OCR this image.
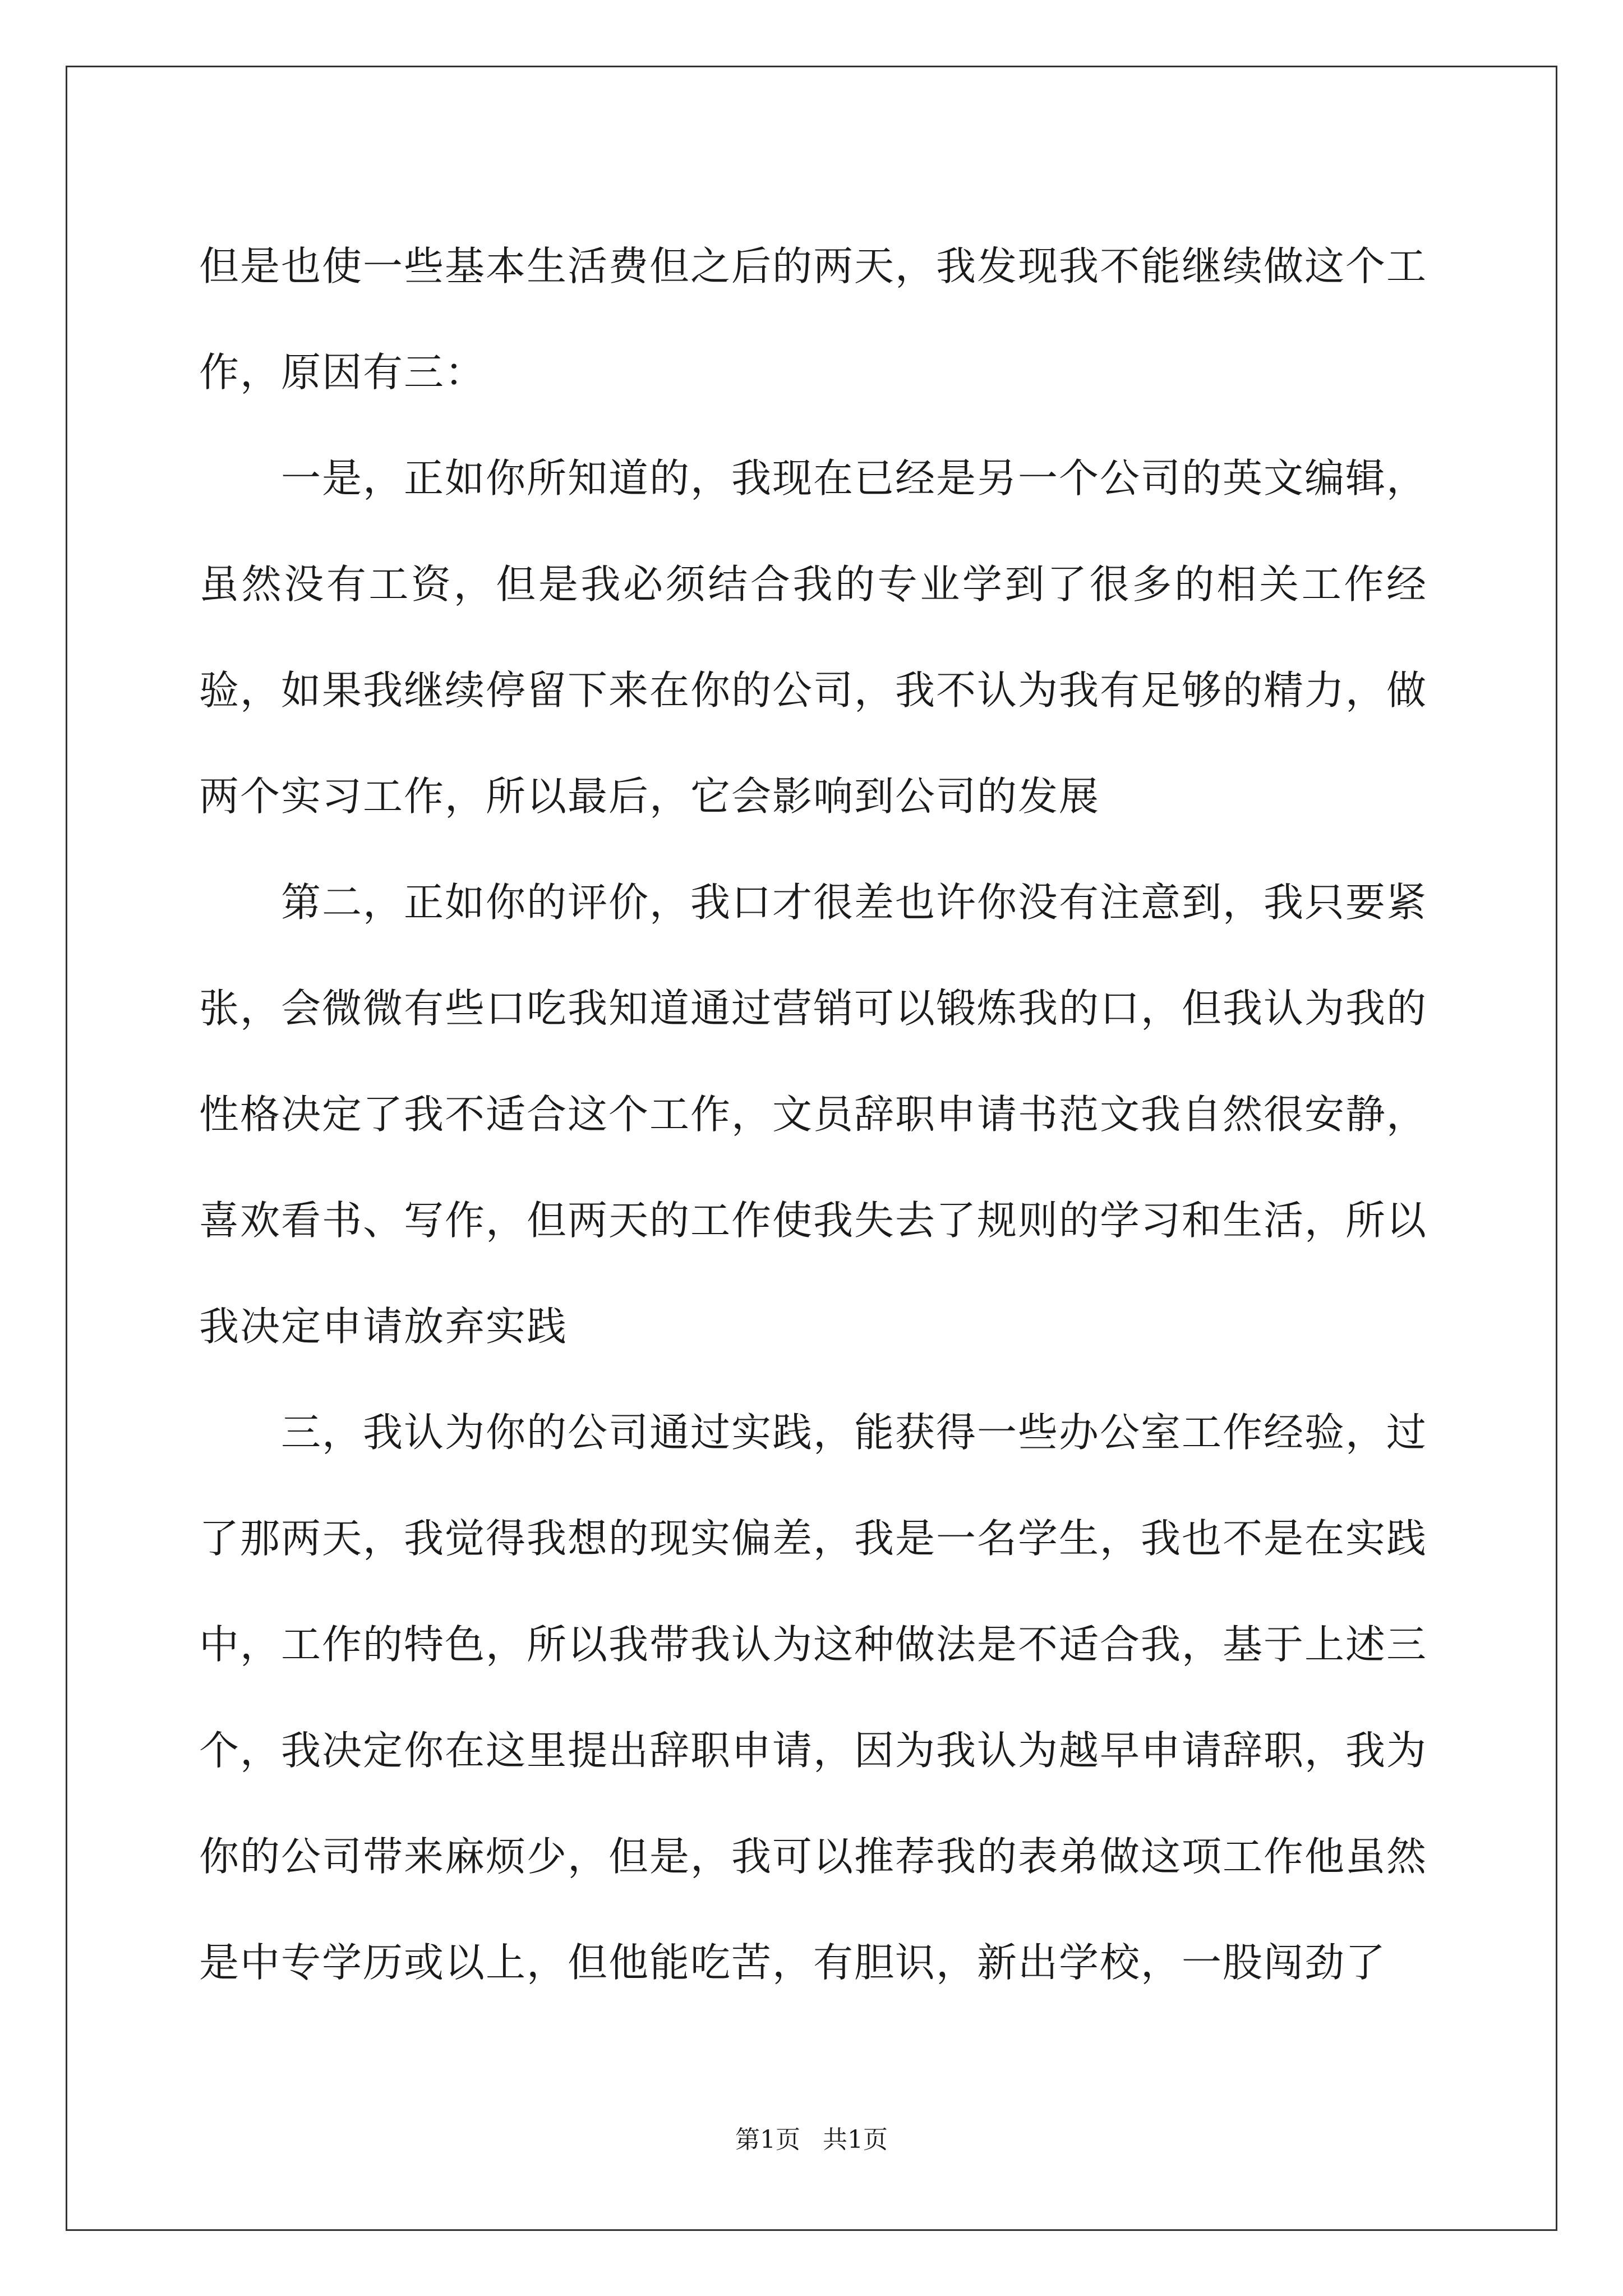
但是也使一些基本生活费但之后的两天，我发现我不能继续做这个工作，原因有三：

一是，正如你所知道的，我现在已经是另一个公司的英文编辑，虽然没有工资，但是我必须结合我的专业学到了很多的相关工作经验，如果我继续停留下来在你的公司，我不认为我有足够的精力，做两个实习工作，所以最后，它会影响到公司的发展

第二，正如你的评价，我口才很差也许你没有注意到，我只要紧张，会微微有些口吃我知道通过营销可以锻炼我的口，但我认为我的性格决定了我不适合这个工作，文员辞职申请书范文我自然很安静，喜欢看书、写作，但两天的工作使我失去了规则的学习和生活，所以我决定申请放弃实践

三，我认为你的公司通过实践，能获得一些办公室工作经验，过了那两天，我觉得我想的现实偏差，我是一名学生，我也不是在实践中，工作的特色，所以我带我认为这种做法是不适合我，基于上述三个，我决定你在这里提出辞职申请，因为我认为越早申请辞职，我为你的公司带来麻烦少，但是，我可以推荐我的表弟做这项工作他虽然是中专学历或以上，但他能吃苦，有胆识，新出学校，一股闯劲了

第1页 共1页
